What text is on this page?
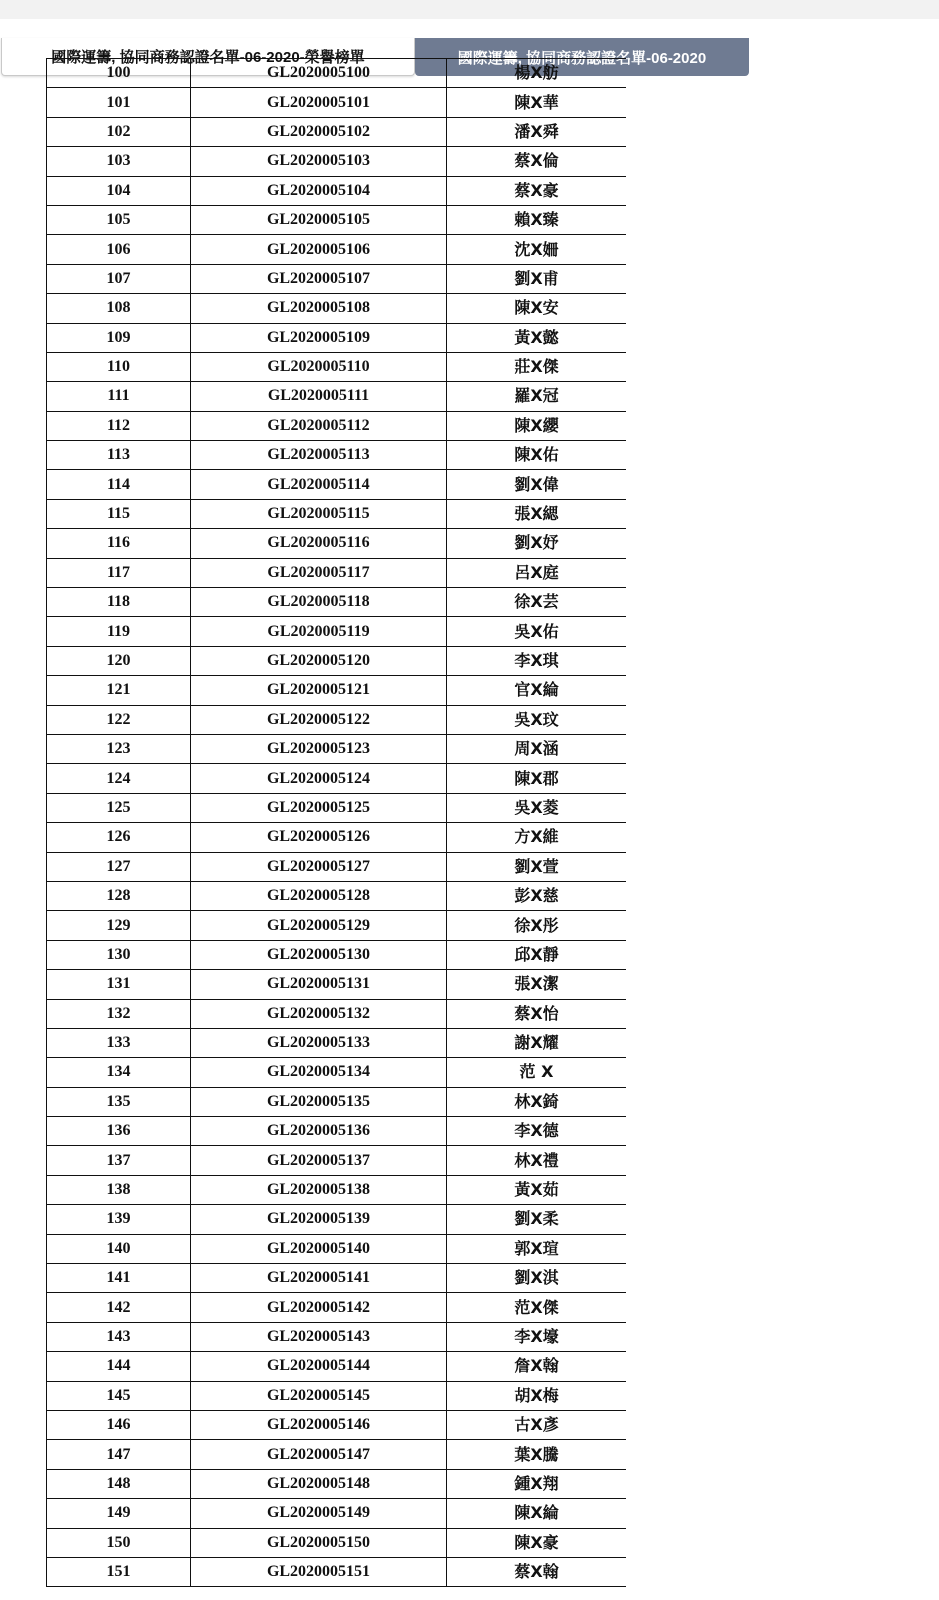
國際運籌, 協同商務認證名單-06-2020-榮譽榜單	國際運籌, 協同商務認證名單-06-2020
100	GL2020005100	楊X舫
101	GL2020005101	陳X華
102	GL2020005102	潘X舜
103	GL2020005103	蔡X倫
104	GL2020005104	蔡X豪
105	GL2020005105	賴X臻
106	GL2020005106	沈X姍
107	GL2020005107	劉X甫
108	GL2020005108	陳X安
109	GL2020005109	黃X懿
110	GL2020005110	莊X傑
111	GL2020005111	羅X冠
112	GL2020005112	陳X纓
113	GL2020005113	陳X佑
114	GL2020005114	劉X偉
115	GL2020005115	張X緦
116	GL2020005116	劉X妤
117	GL2020005117	呂X庭
118	GL2020005118	徐X芸
119	GL2020005119	吳X佑
120	GL2020005120	李X琪
121	GL2020005121	官X綸
122	GL2020005122	吳X玟
123	GL2020005123	周X涵
124	GL2020005124	陳X郡
125	GL2020005125	吳X菱
126	GL2020005126	方X維
127	GL2020005127	劉X萱
128	GL2020005128	彭X慈
129	GL2020005129	徐X彤
130	GL2020005130	邱X靜
131	GL2020005131	張X潔
132	GL2020005132	蔡X怡
133	GL2020005133	謝X耀
134	GL2020005134	范 X
135	GL2020005135	林X錡
136	GL2020005136	李X德
137	GL2020005137	林X禮
138	GL2020005138	黃X茹
139	GL2020005139	劉X柔
140	GL2020005140	郭X瑄
141	GL2020005141	劉X淇
142	GL2020005142	范X傑
143	GL2020005143	李X壕
144	GL2020005144	詹X翰
145	GL2020005145	胡X梅
146	GL2020005146	古X彥
147	GL2020005147	葉X騰
148	GL2020005148	鍾X翔
149	GL2020005149	陳X綸
150	GL2020005150	陳X豪
151	GL2020005151	蔡X翰
